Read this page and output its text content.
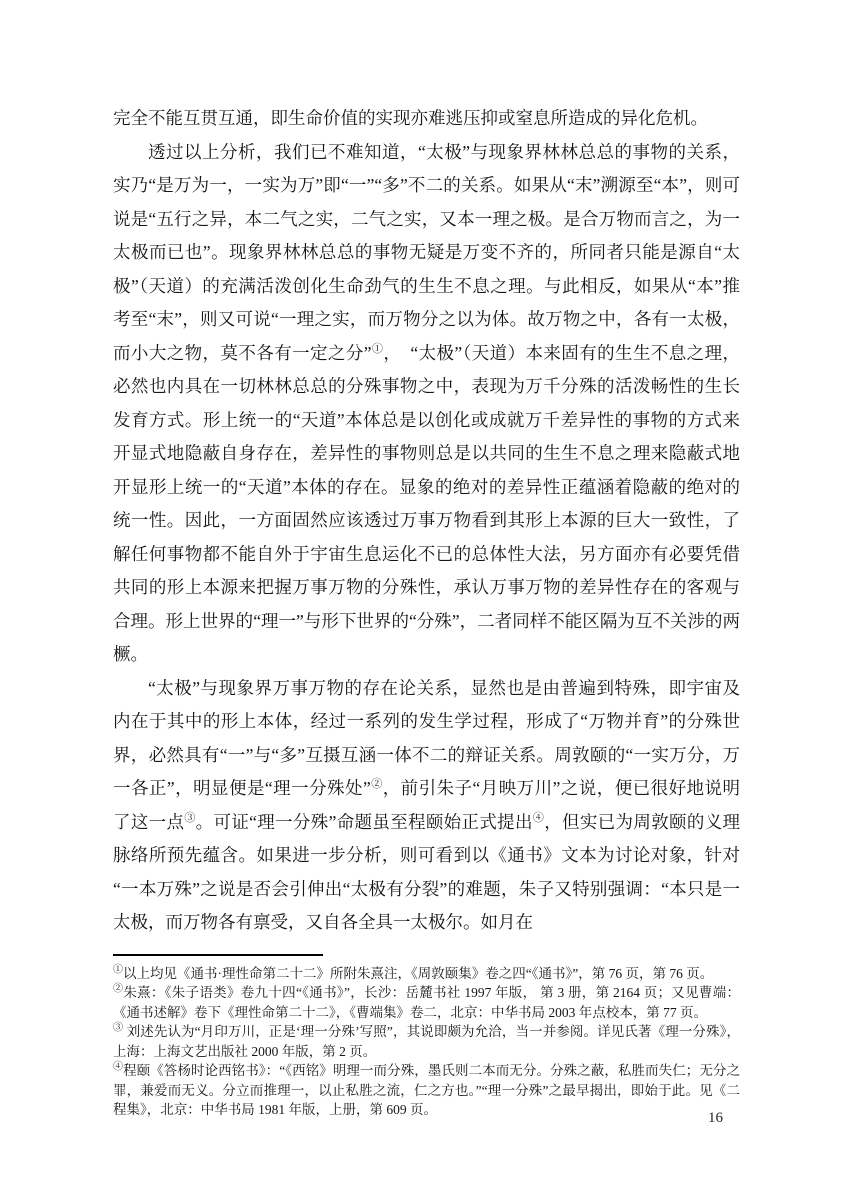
完全不能互贯互通，即生命价值的实现亦难逃压抑或窒息所造成的异化危机。

透过以上分析，我们已不难知道，“太极”与现象界林林总总的事物的关系，实乃“是万为一，一实为万”即“一”“多”不二的关系。如果从“末”溯源至“本”，则可说是“五行之异，本二气之实，二气之实，又本一理之极。是合万物而言之，为一太极而已也”。现象界林林总总的事物无疑是万变不齐的，所同者只能是源自“太极”（天道）的充满活泼创化生命劲气的生生不息之理。与此相反，如果从“本”推考至“末”，则又可说“一理之实，而万物分之以为体。故万物之中，各有一太极，而小大之物，莫不各有一定之分”①，　“太极”（天道）本来固有的生生不息之理，必然也内具在一切林林总总的分殊事物之中，表现为万千分殊的活泼畅性的生长发育方式。形上统一的“天道”本体总是以创化或成就万千差异性的事物的方式来开显式地隐蔽自身存在，差异性的事物则总是以共同的生生不息之理来隐蔽式地开显形上统一的“天道”本体的存在。显象的绝对的差异性正蕴涵着隐蔽的绝对的统一性。因此，一方面固然应该透过万事万物看到其形上本源的巨大一致性，了解任何事物都不能自外于宇宙生息运化不已的总体性大法，另方面亦有必要凭借共同的形上本源来把握万事万物的分殊性，承认万事万物的差异性存在的客观与合理。形上世界的“理一”与形下世界的“分殊”，二者同样不能区隔为互不关涉的两橛。

“太极”与现象界万事万物的存在论关系，显然也是由普遍到特殊，即宇宙及内在于其中的形上本体，经过一系列的发生学过程，形成了“万物并育”的分殊世界，必然具有“一”与“多”互摄互涵一体不二的辩证关系。周敦颐的“一实万分，万一各正”，明显便是“理一分殊处”②，前引朱子“月映万川”之说，便已很好地说明了这一点③。可证“理一分殊”命题虽至程颐始正式提出④，但实已为周敦颐的义理脉络所预先蕴含。如果进一步分析，则可看到以《通书》文本为讨论对象，针对“一本万殊”之说是否会引伸出“太极有分裂”的难题，朱子又特别强调：“本只是一太极，而万物各有禀受，又自各全具一太极尔。如月在

①以上均见《通书·理性命第二十二》所附朱熹注，《周敦颐集》卷之四“《通书》”，第 76 页，第 76 页。

②朱熹：《朱子语类》卷九十四“《通书》”，长沙：岳麓书社 1997 年版， 第 3 册，第 2164 页；又见曹端：《通书述解》卷下《理性命第二十二》，《曹端集》卷二，北京：中华书局 2003 年点校本，第 77 页。

③ 刘述先认为“月印万川，正是‘理一分殊’写照”，其说即颇为允洽，当一并参阅。详见氏著《理一分殊》，上海：上海文艺出版社 2000 年版，第 2 页。

④程颐《答杨时论西铭书》：“《西铭》明理一而分殊，墨氏则二本而无分。分殊之蔽，私胜而失仁；无分之罪，兼爱而无义。分立而推理一，以止私胜之流，仁之方也。”“理一分殊”之最早揭出，即始于此。见《二程集》，北京：中华书局 1981 年版，上册，第 609 页。

16
